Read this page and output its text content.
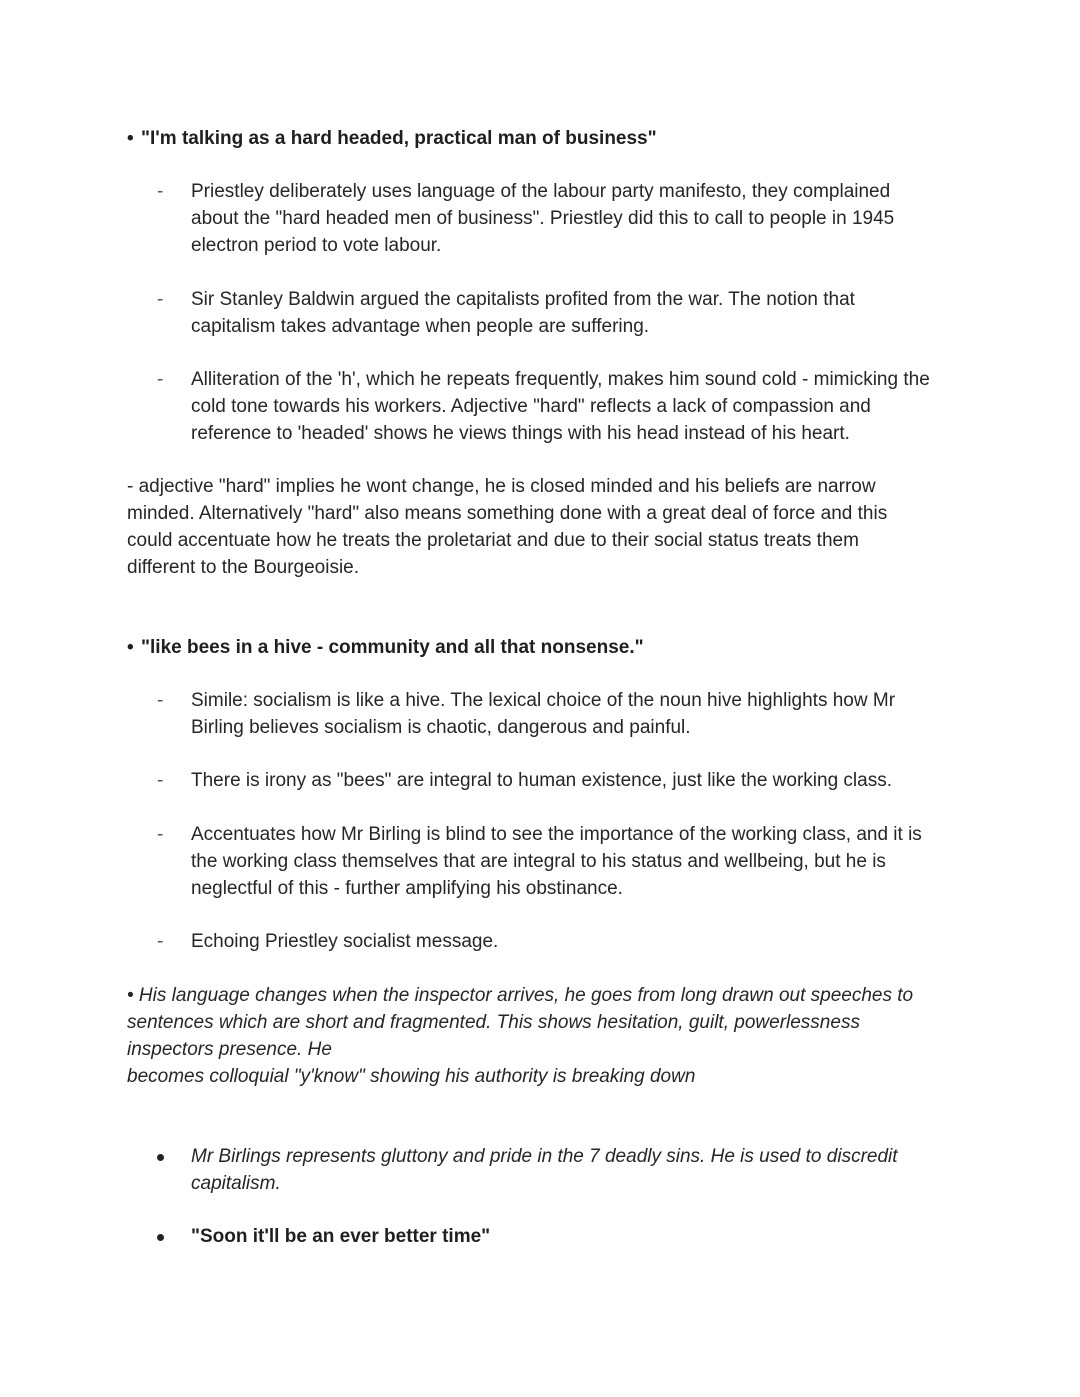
• "I'm talking as a hard headed, practical man of business"
-	Priestley deliberately uses language of the labour party manifesto, they complained
about the "hard headed men of business". Priestley did this to call to people in 1945
electron period to vote labour.
-	Sir Stanley Baldwin argued the capitalists profited from the war. The notion that
capitalism takes advantage when people are suffering.
-	Alliteration of the 'h', which he repeats frequently, makes him sound cold - mimicking the
cold tone towards his workers. Adjective "hard" reflects a lack of compassion and
reference to 'headed' shows he views things with his head instead of his heart.
- adjective "hard" implies he wont change, he is closed minded and his beliefs are narrow
minded. Alternatively "hard" also means something done with a great deal of force and this
could accentuate how he treats the proletariat and due to their social status treats them
different to the Bourgeoisie.
• "like bees in a hive - community and all that nonsense."
-	Simile: socialism is like a hive. The lexical choice of the noun hive highlights how Mr
Birling believes socialism is chaotic, dangerous and painful.
-	There is irony as "bees" are integral to human existence, just like the working class.
-	Accentuates how Mr Birling is blind to see the importance of the working class, and it is
the working class themselves that are integral to his status and wellbeing, but he is
neglectful of this - further amplifying his obstinance.
-	Echoing Priestley socialist message.
• His language changes when the inspector arrives, he goes from long drawn out speeches to
sentences which are short and fragmented. This shows hesitation, guilt, powerlessness
inspectors presence. He
becomes colloquial "y'know" showing his authority is breaking down
Mr Birlings represents gluttony and pride in the 7 deadly sins. He is used to discredit
capitalism.
"Soon it'll be an ever better time"
